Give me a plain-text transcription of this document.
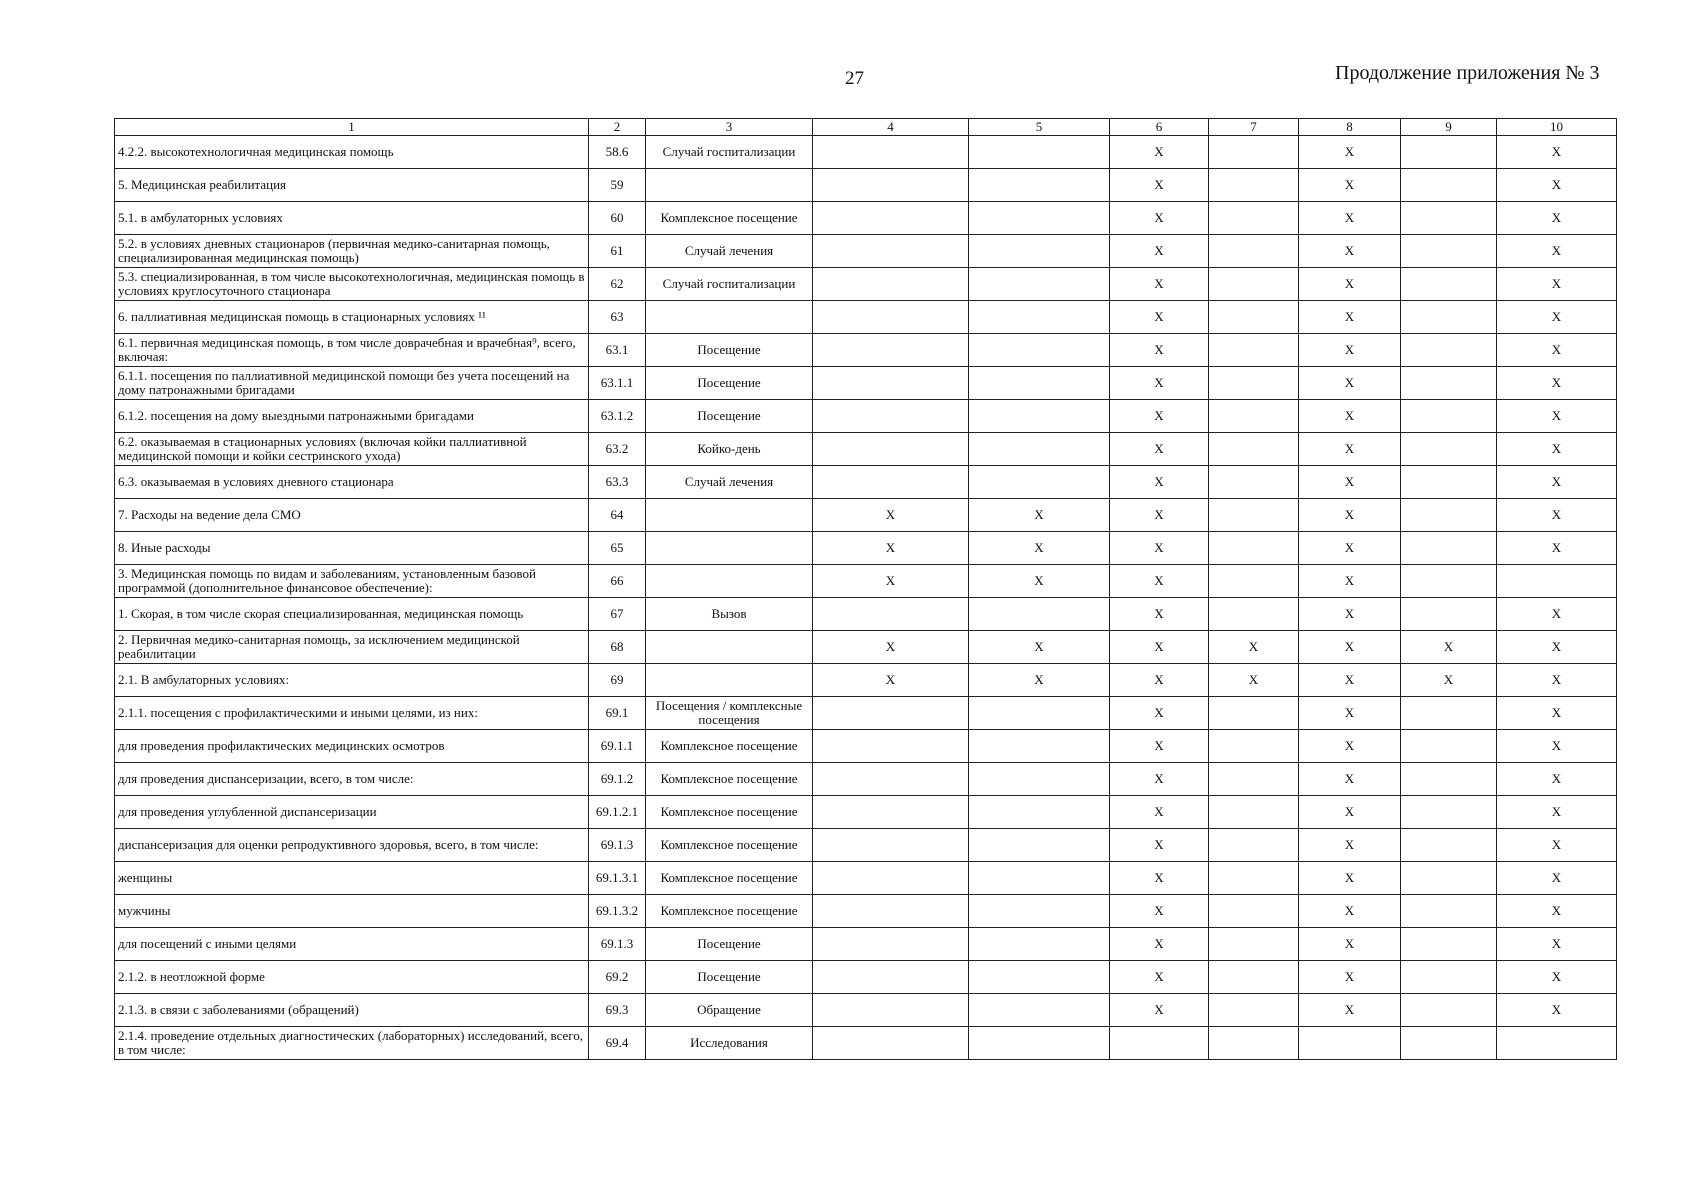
27	Продолжение приложения № 3
1	2	3	4	5	6	7	8	9	10
4.2.2. высокотехнологичная медицинская помощь	58.6	Случай госпитализации			X		X		X
5. Медицинская реабилитация	59				X		X		X
5.1. в амбулаторных условиях	60	Комплексное посещение			X		X		X
5.2. в условиях дневных стационаров (первичная медико-санитарная помощь, специализированная медицинская помощь)	61	Случай лечения			X		X		X
5.3. специализированная, в том числе высокотехнологичная, медицинская помощь в условиях круглосуточного стационара	62	Случай госпитализации			X		X		X
6. паллиативная медицинская помощь в стационарных условиях ¹¹	63				X		X		X
6.1. первичная медицинская помощь, в том числе доврачебная и врачебная⁹, всего, включая:	63.1	Посещение			X		X		X
6.1.1. посещения по паллиативной медицинской помощи без учета посещений на дому патронажными бригадами	63.1.1	Посещение			X		X		X
6.1.2. посещения на дому выездными патронажными бригадами	63.1.2	Посещение			X		X		X
6.2. оказываемая в стационарных условиях (включая койки паллиативной медицинской помощи и койки сестринского ухода)	63.2	Койко-день			X		X		X
6.3. оказываемая в условиях дневного стационара	63.3	Случай лечения			X		X		X
7. Расходы на ведение дела СМО	64		X	X	X		X		X
8. Иные расходы	65		X	X	X		X		X
3. Медицинская помощь по видам и заболеваниям, установленным базовой программой (дополнительное финансовое обеспечение):	66		X	X	X		X		
1. Скорая, в том числе скорая специализированная, медицинская помощь	67	Вызов			X		X		X
2. Первичная медико-санитарная помощь, за исключением медицинской реабилитации	68		X	X	X	X	X	X	X
2.1. В амбулаторных условиях:	69		X	X	X	X	X	X	X
2.1.1. посещения с профилактическими и иными целями, из них:	69.1	Посещения / комплексные посещения			X		X		X
для проведения профилактических медицинских осмотров	69.1.1	Комплексное посещение			X		X		X
для проведения диспансеризации, всего, в том числе:	69.1.2	Комплексное посещение			X		X		X
для проведения углубленной диспансеризации	69.1.2.1	Комплексное посещение			X		X		X
диспансеризация для оценки репродуктивного здоровья, всего, в том числе:	69.1.3	Комплексное посещение			X		X		X
женщины	69.1.3.1	Комплексное посещение			X		X		X
мужчины	69.1.3.2	Комплексное посещение			X		X		X
для посещений с иными целями	69.1.3	Посещение			X		X		X
2.1.2. в неотложной форме	69.2	Посещение			X		X		X
2.1.3. в связи с заболеваниями (обращений)	69.3	Обращение			X		X		X
2.1.4. проведение отдельных диагностических (лабораторных) исследований, всего, в том числе:	69.4	Исследования							
